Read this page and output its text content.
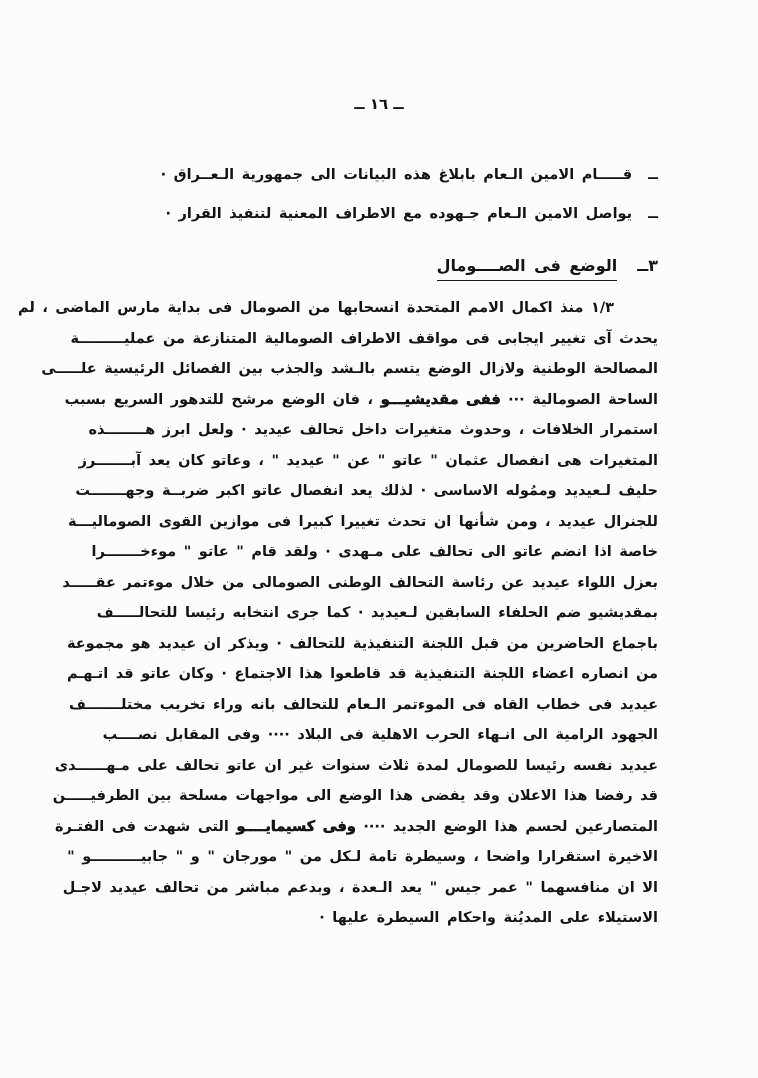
ــ ١٦ ــ
ــ
قـــــام الامين الـعام بابلاغ هذه البيانات الى جمهورية الـعــراق ·
ــ
يواصل الامين الـعام جـهوده مع الاطراف المعنية لتنفيذ القرار ·
٣ــالوضع فى الصــــومال
١/٣ منذ اكمال الامم المتحدة انسحابها من الصومال فى بداية مارس الماضى ، لم
يحدث آى تغيير ايجابى فى مواقف الاطراف الصومالية المتنازعة من عمليـــــــــة
المصالحة الوطنية ولازال الوضع يتسم بالـشد والجذب بين الفصائل الرئيسية علـــــى
الساحة الصومالية ··· ففى مقديشيـــو ، فان الوضع مرشح للتدهور السريع بسبب
استمرار الخلافات ، وحدوث متغيرات داخل تحالف عيديد · ولعل ابرز هــــــــذه
المتغيرات هى انفصال عثمان " عاتو " عن " عيديد " ، وعاتو كان يعد آبـــــــرز
حليف لـعيديد وممُوله الاساسى · لذلك يعد انفصال عاتو اكبر ضربــة وجهـــــــت
للجنرال عيديد ، ومن شأنها ان تحدث تغييرا كبيرا فى موازين القوى الصوماليـــة
خاصة اذا انضم عاتو الى تحالف على مـهدى · ولقد قام " عاتو " موءخـــــــرا
بعزل اللواء عيديد عن رئاسة التحالف الوطنى الصومالى من خلال موءتمر عقـــــد
بمقديشيو ضم الحلفاء السابقين لـعيديد · كما جرى انتخابه رئيسا للتحالـــــف
باجماع الحاضرين من قبل اللجنة التنفيذية للتحالف · ويذكر ان عيديد هو مجموعة
من انصاره اعضاء اللجنة التنفيذية قد قاطعوا هذا الاجتماع · وكان عاتو قد اتـهـم
عيديد فى خطاب القاه فى الموءتمر الـعام للتحالف بانه وراء تخريب مختلـــــــف
الجهود الرامية الى انـهاء الحرب الاهلية فى البلاد ···· وفى المقابل نصــــب
عيديد نفسه رئيسا للصومال لمدة ثلاث سنوات غير ان عاتو تحالف على مـهــــــدى
قد رفضا هذا الاعلان وقد يفضى هذا الوضع الى مواجهات مسلحة بين الطرفيـــــن
المتصارعين لحسم هذا الوضع الجديد ···· وفى كسيمايــــو التى شهدت فى الفتـرة
الاخيرة استقرارا واضحا ، وسيطرة تامة لـكل من " مورجان " و " جابيــــــــــو "
الا ان منافسهما " عمر جيس " يعد الـعدة ، وبدعم مباشر من تحالف عيديد لاجـل
الاستيلاء على المديُنة واحكام السيطرة عليها ·
